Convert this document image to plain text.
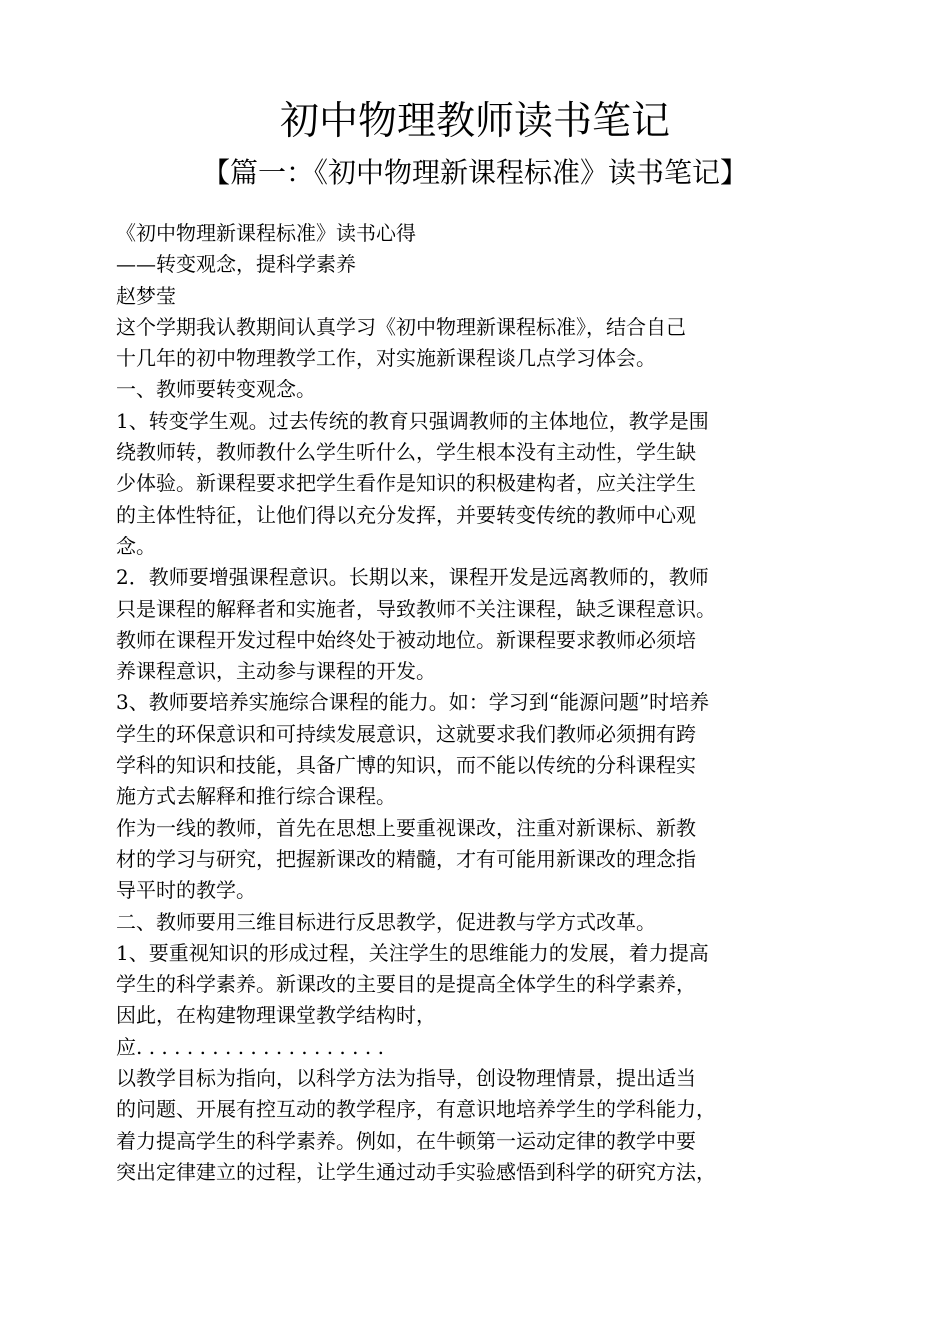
初中物理教师读书笔记
【篇一：《初中物理新课程标准》读书笔记】
《初中物理新课程标准》读书心得
——转变观念，提科学素养
赵梦莹
这个学期我认教期间认真学习《初中物理新课程标准》，结合自己
十几年的初中物理教学工作，对实施新课程谈几点学习体会。
一、教师要转变观念。
1、转变学生观。过去传统的教育只强调教师的主体地位，教学是围
绕教师转，教师教什么学生听什么，学生根本没有主动性，学生缺
少体验。新课程要求把学生看作是知识的积极建构者，应关注学生
的主体性特征，让他们得以充分发挥，并要转变传统的教师中心观
念。
2．教师要增强课程意识。长期以来，课程开发是远离教师的，教师
只是课程的解释者和实施者，导致教师不关注课程，缺乏课程意识。
教师在课程开发过程中始终处于被动地位。新课程要求教师必须培
养课程意识，主动参与课程的开发。
3、教师要培养实施综合课程的能力。如：学习到“能源问题”时培养
学生的环保意识和可持续发展意识，这就要求我们教师必须拥有跨
学科的知识和技能，具备广博的知识，而不能以传统的分科课程实
施方式去解释和推行综合课程。
作为一线的教师，首先在思想上要重视课改，注重对新课标、新教
材的学习与研究，把握新课改的精髓，才有可能用新课改的理念指
导平时的教学。
二、教师要用三维目标进行反思教学，促进教与学方式改革。
1、要重视知识的形成过程，关注学生的思维能力的发展，着力提高
学生的科学素养。新课改的主要目的是提高全体学生的科学素养，
因此，在构建物理课堂教学结构时，
应. . . . . . . . . . . . . . . . . . . .
以教学目标为指向，以科学方法为指导，创设物理情景，提出适当
的问题、开展有控互动的教学程序，有意识地培养学生的学科能力，
着力提高学生的科学素养。例如，在牛顿第一运动定律的教学中要
突出定律建立的过程，让学生通过动手实验感悟到科学的研究方法，
